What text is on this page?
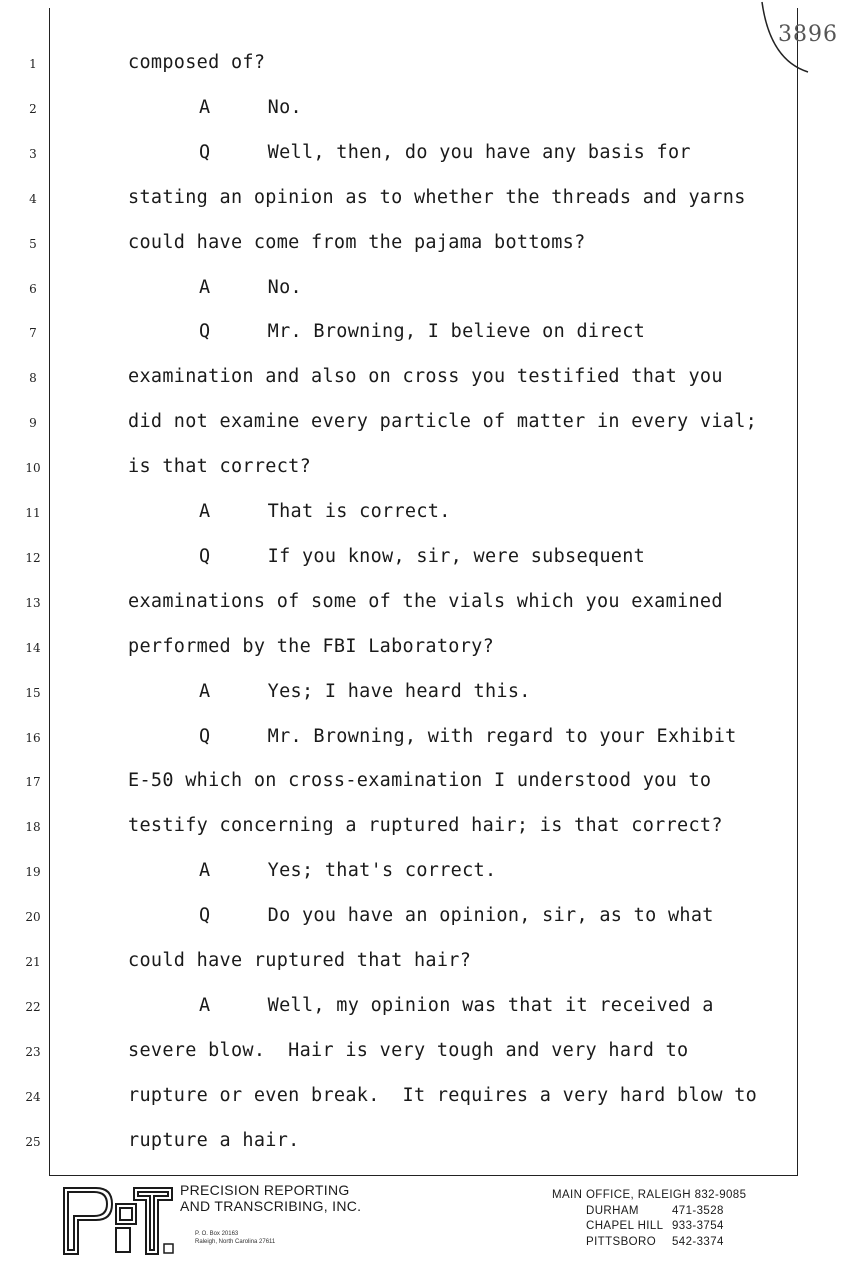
3896
1	composed of?
2	A     No.
3	Q     Well, then, do you have any basis for
4	stating an opinion as to whether the threads and yarns
5	could have come from the pajama bottoms?
6	A     No.
7	Q     Mr. Browning, I believe on direct
8	examination and also on cross you testified that you
9	did not examine every particle of matter in every vial;
10	is that correct?
11	A     That is correct.
12	Q     If you know, sir, were subsequent
13	examinations of some of the vials which you examined
14	performed by the FBI Laboratory?
15	A     Yes; I have heard this.
16	Q     Mr. Browning, with regard to your Exhibit
17	E-50 which on cross-examination I understood you to
18	testify concerning a ruptured hair; is that correct?
19	A     Yes; that's correct.
20	Q     Do you have an opinion, sir, as to what
21	could have ruptured that hair?
22	A     Well, my opinion was that it received a
23	severe blow.  Hair is very tough and very hard to
24	rupture or even break.  It requires a very hard blow to
25	rupture a hair.
PRECISION REPORTING
AND TRANSCRIBING, INC.
P. O. Box 20163
Raleigh, North Carolina 27611
MAIN OFFICE, RALEIGH 832-9085
DURHAM	471-3528
CHAPEL HILL 933-3754
PITTSBORO 542-3374
